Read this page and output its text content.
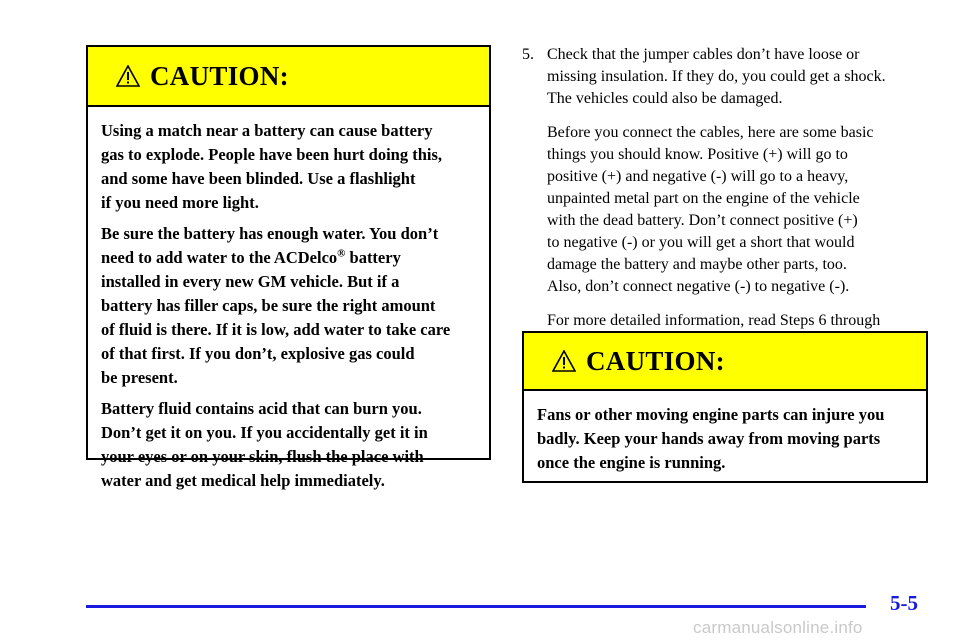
CAUTION:

Using a match near a battery can cause battery
gas to explode. People have been hurt doing this,
and some have been blinded. Use a flashlight
if you need more light.

Be sure the battery has enough water. You don’t
need to add water to the ACDelco® battery
installed in every new GM vehicle. But if a
battery has filler caps, be sure the right amount
of fluid is there. If it is low, add water to take care
of that first. If you don’t, explosive gas could
be present.

Battery fluid contains acid that can burn you.
Don’t get it on you. If you accidentally get it in
your eyes or on your skin, flush the place with
water and get medical help immediately.

5. Check that the jumper cables don’t have loose or
missing insulation. If they do, you could get a shock.
The vehicles could also be damaged.
Before you connect the cables, here are some basic
things you should know. Positive (+) will go to
positive (+) and negative (-) will go to a heavy,
unpainted metal part on the engine of the vehicle
with the dead battery. Don’t connect positive (+)
to negative (-) or you will get a short that would
damage the battery and maybe other parts, too.
Also, don’t connect negative (-) to negative (-).
For more detailed information, read Steps 6 through

CAUTION:

Fans or other moving engine parts can injure you
badly. Keep your hands away from moving parts
once the engine is running.

5-5
carmanualsonline.info
